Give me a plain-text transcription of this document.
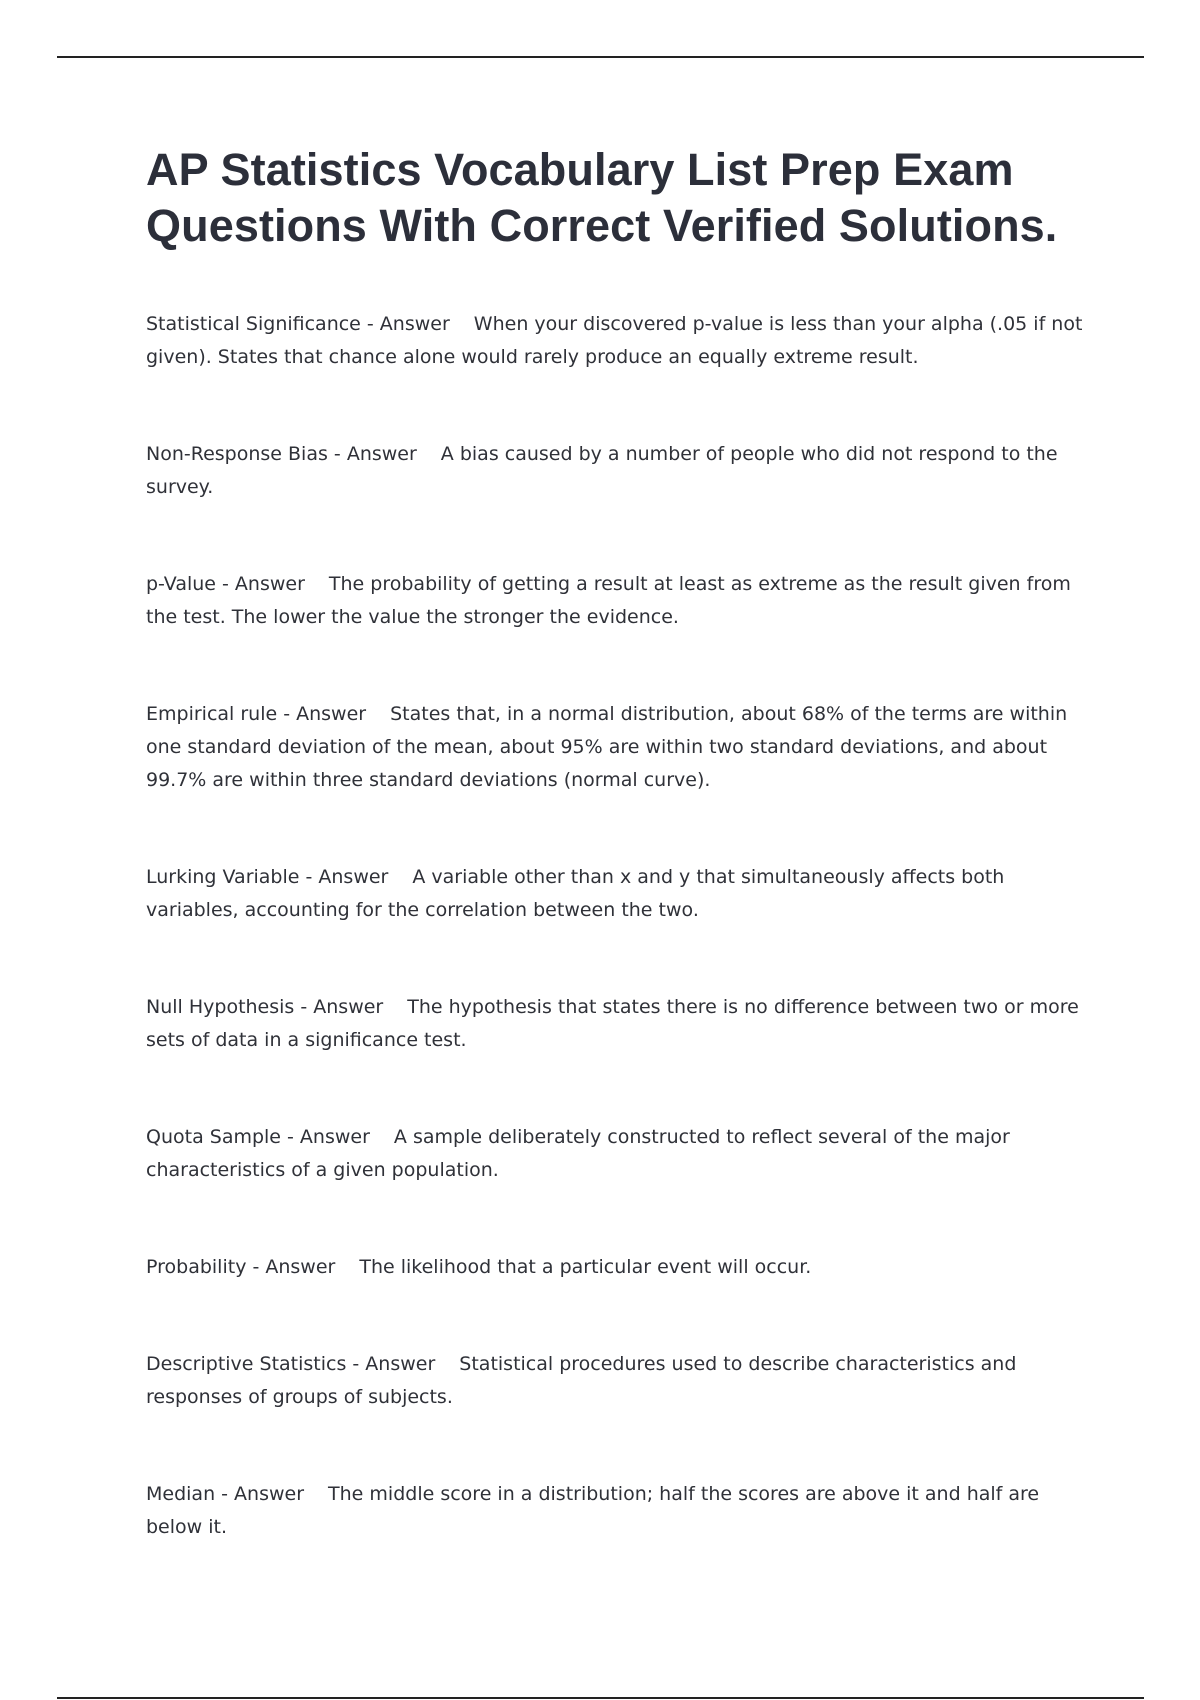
AP Statistics Vocabulary List Prep Exam Questions With Correct Verified Solutions.

Statistical Significance - Answer When your discovered p-value is less than your alpha (.05 if not given). States that chance alone would rarely produce an equally extreme result.

Non-Response Bias - Answer A bias caused by a number of people who did not respond to the survey.

p-Value - Answer The probability of getting a result at least as extreme as the result given from the test. The lower the value the stronger the evidence.

Empirical rule - Answer States that, in a normal distribution, about 68% of the terms are within one standard deviation of the mean, about 95% are within two standard deviations, and about 99.7% are within three standard deviations (normal curve).

Lurking Variable - Answer A variable other than x and y that simultaneously affects both variables, accounting for the correlation between the two.

Null Hypothesis - Answer The hypothesis that states there is no difference between two or more sets of data in a significance test.

Quota Sample - Answer A sample deliberately constructed to reflect several of the major characteristics of a given population.

Probability - Answer The likelihood that a particular event will occur.

Descriptive Statistics - Answer Statistical procedures used to describe characteristics and responses of groups of subjects.

Median - Answer The middle score in a distribution; half the scores are above it and half are below it.
